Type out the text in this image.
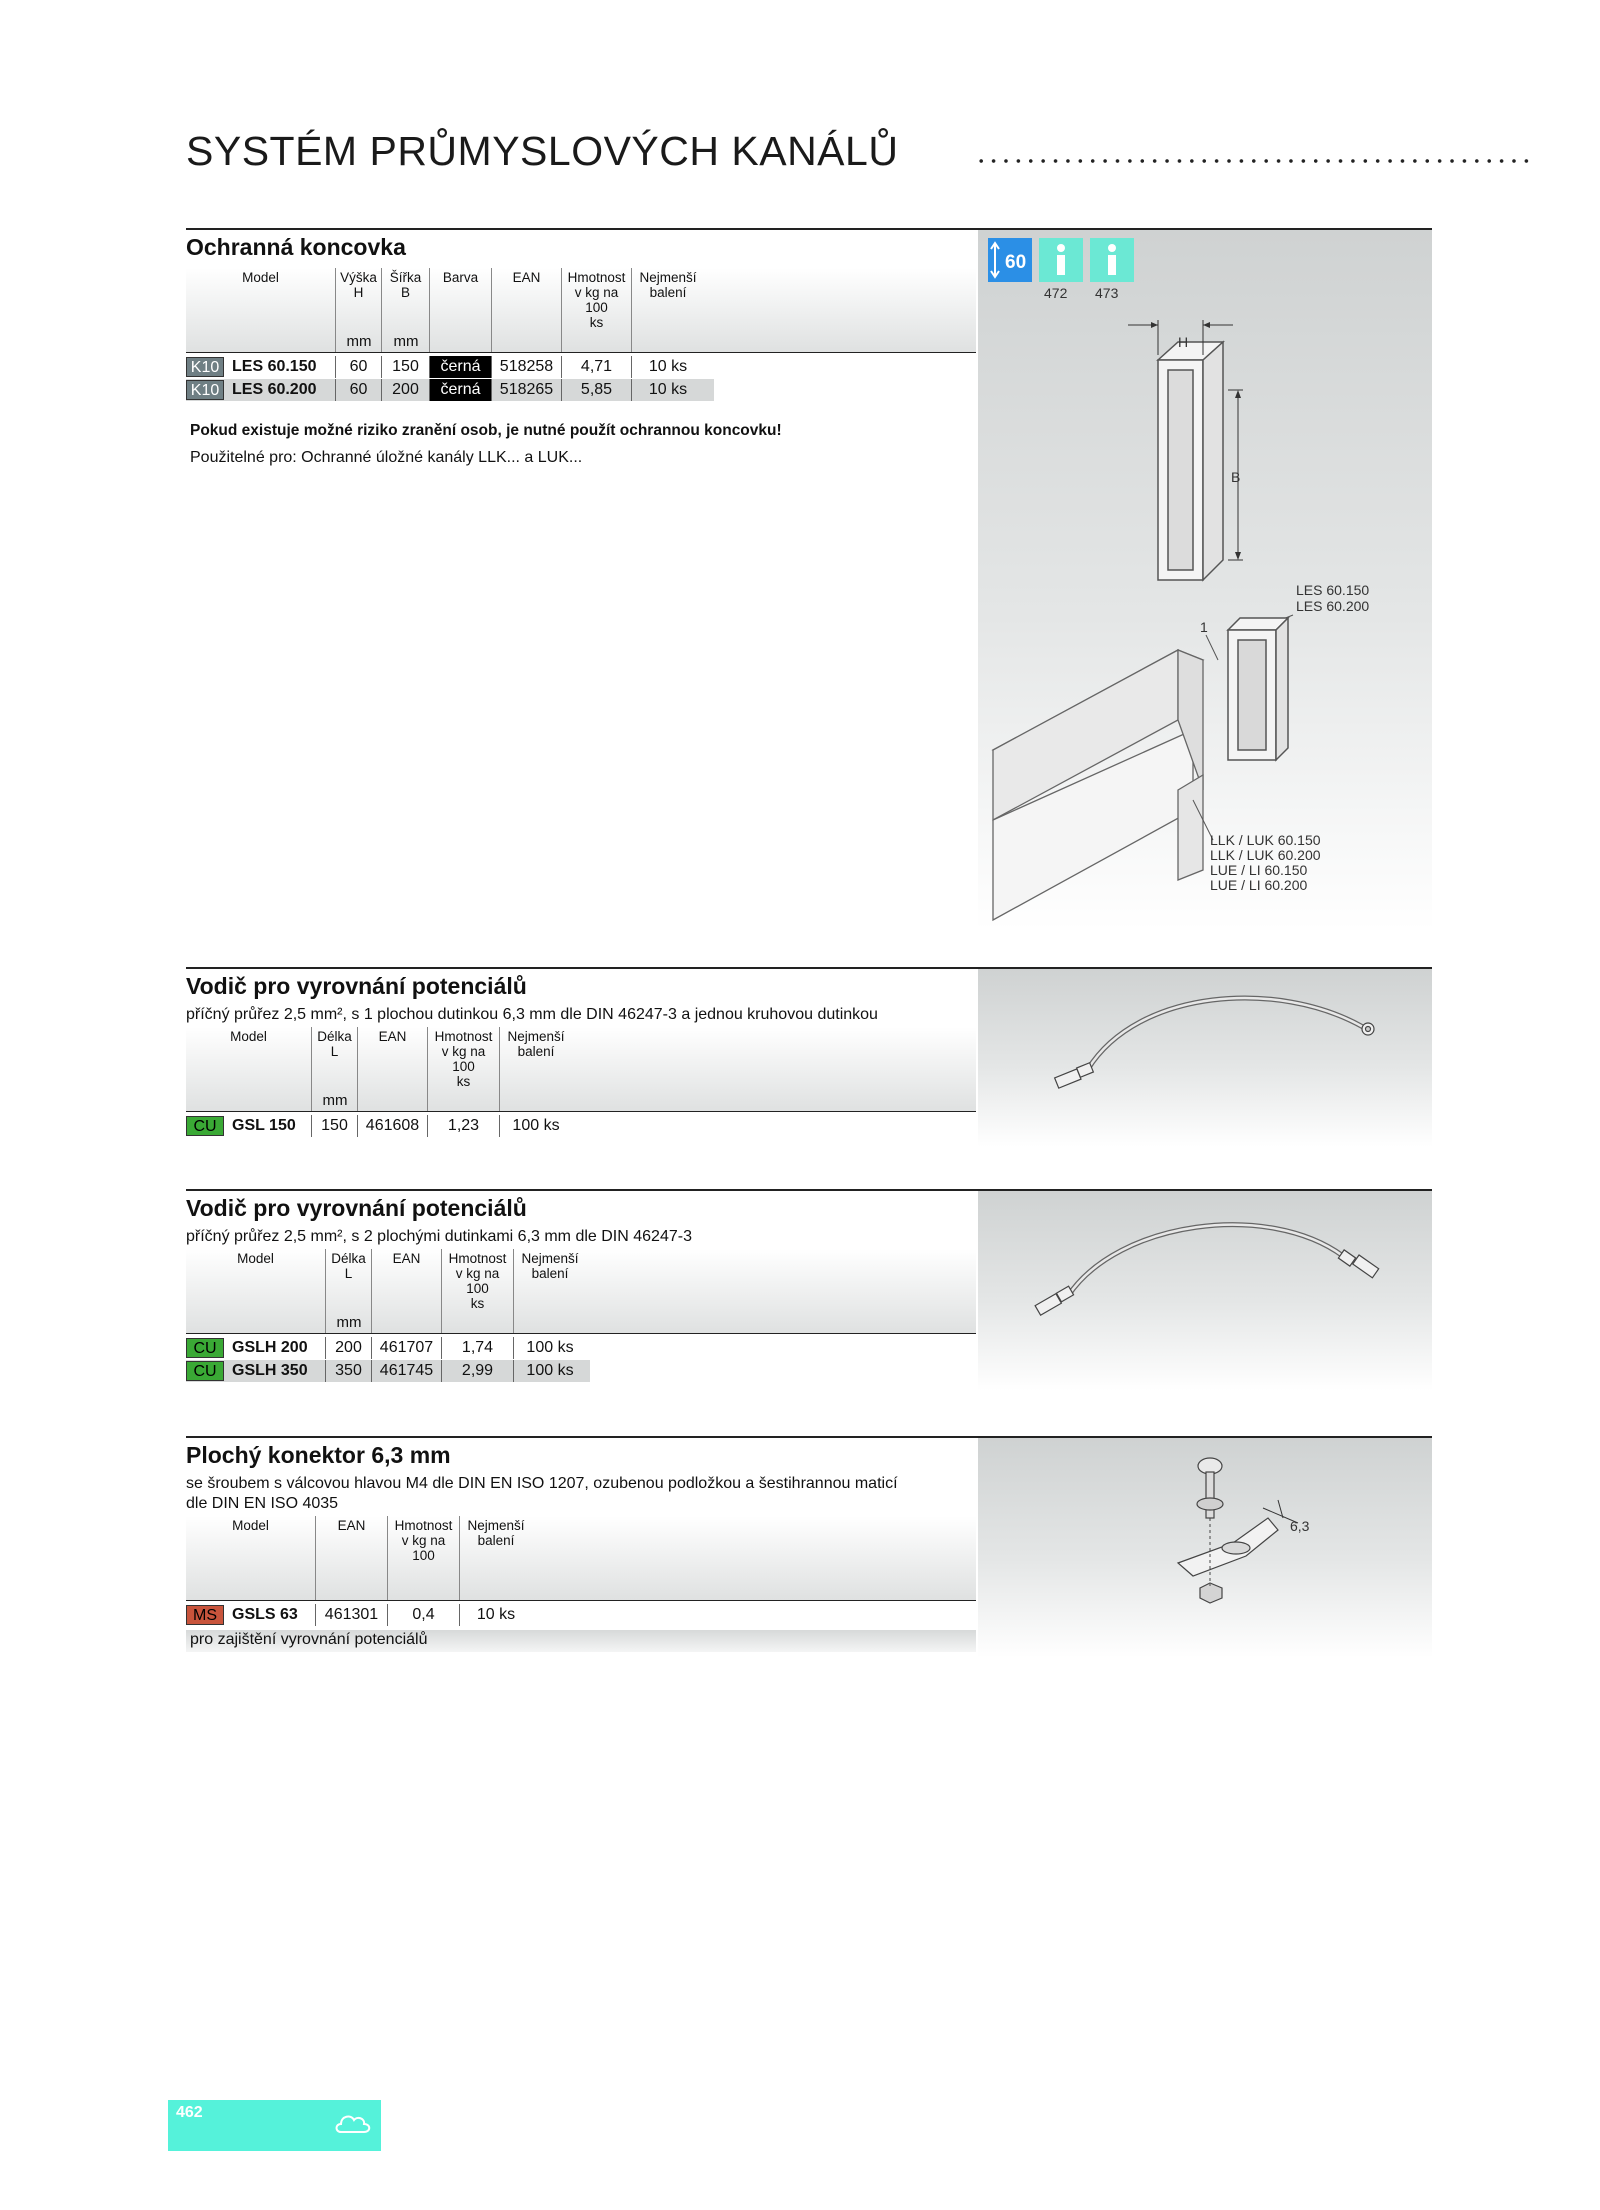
SYSTÉM PRŮMYSLOVÝCH KANÁLŮ
Ochranná koncovka
Model	Výška
H
Šířka
B
Barva	EAN	Hmotnost
v kg na
100
ks
Nejmenší
balení
mm	mm
K10 LES 60.150	60	150	černá	518258	4,71	10 ks
K10 LES 60.200	60	200	černá	518265	5,85	10 ks
Pokud existuje možné riziko zranění osob, je nutné použít ochrannou koncovku!
Použitelné pro: Ochranné úložné kanály LLK... a LUK...
60
472 473
H
B
LES 60.150
LES 60.200
1
LLK / LUK 60.150
LLK / LUK 60.200
LUE / LI 60.150
LUE / LI 60.200
Vodič pro vyrovnání potenciálů
příčný průřez 2,5 mm², s 1 plochou dutinkou 6,3 mm dle DIN 46247-3 a jednou kruhovou dutinkou
Model	Délka
L
EAN	Hmotnost
v kg na
100
ks
Nejmenší
balení
mm
CU GSL 150	150	461608	1,23	100 ks
Vodič pro vyrovnání potenciálů
příčný průřez 2,5 mm², s 2 plochými dutinkami 6,3 mm dle DIN 46247-3
Model	Délka
L
EAN	Hmotnost
v kg na
100
ks
Nejmenší
balení
mm
CU GSLH 200	200	461707	1,74	100 ks
CU GSLH 350	350	461745	2,99	100 ks
Plochý konektor 6,3 mm
se šroubem s válcovou hlavou M4 dle DIN EN ISO 1207, ozubenou podložkou a šestihrannou maticí
dle DIN EN ISO 4035
Model	EAN	Hmotnost
v kg na
100
Nejmenší
balení
MS GSLS 63	461301	0,4	10 ks
pro zajištění vyrovnání potenciálů
6,3
462
